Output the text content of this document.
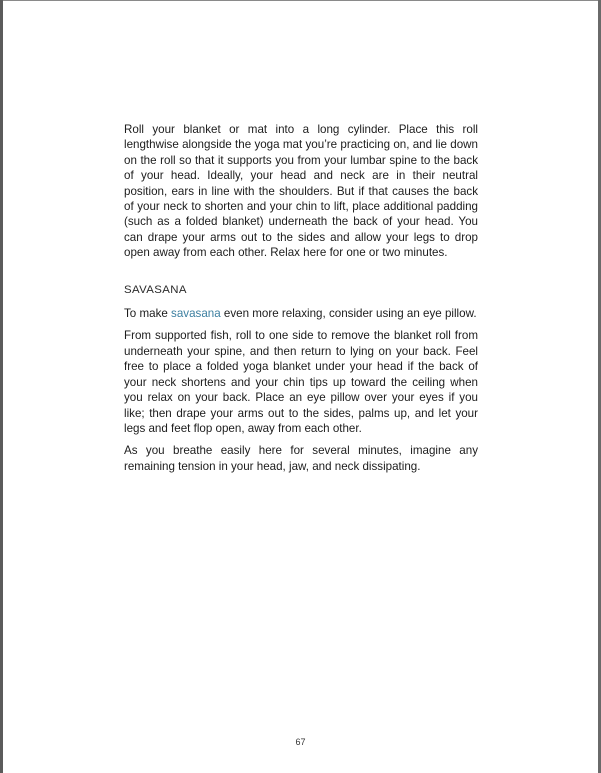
Roll your blanket or mat into a long cylinder. Place this roll lengthwise alongside the yoga mat you’re practicing on, and lie down on the roll so that it supports you from your lumbar spine to the back of your head. Ideally, your head and neck are in their neutral position, ears in line with the shoulders. But if that causes the back of your neck to shorten and your chin to lift, place additional padding (such as a folded blanket) underneath the back of your head. You can drape your arms out to the sides and allow your legs to drop open away from each other. Relax here for one or two minutes.

SAVASANA

To make savasana even more relaxing, consider using an eye pillow.

From supported fish, roll to one side to remove the blanket roll from underneath your spine, and then return to lying on your back. Feel free to place a folded yoga blanket under your head if the back of your neck shortens and your chin tips up toward the ceiling when you relax on your back. Place an eye pillow over your eyes if you like; then drape your arms out to the sides, palms up, and let your legs and feet flop open, away from each other.

As you breathe easily here for several minutes, imagine any remaining tension in your head, jaw, and neck dissipating.

67
